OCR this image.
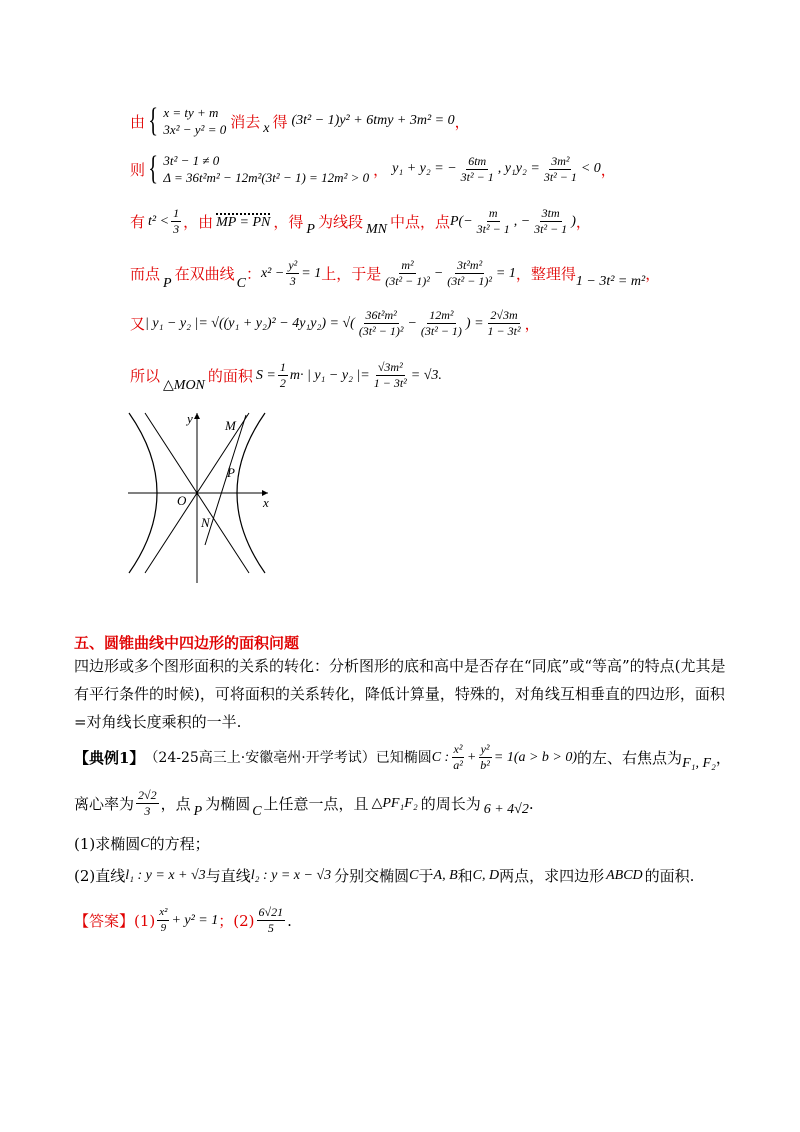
由 { x = ty + m
3x² − y² = 0 消去 x 得 (3t² − 1)y² + 6tmy + 3m² = 0 ，
则 { 3t² − 1 ≠ 0
Δ = 36t²m² − 12m²(3t² − 1) = 12m² > 0 ， y₁ + y₂ = − $\frac{6tm}{\text{3t² − 1}}$ , $y_1y_2 = \frac{\text{3m²}}{\text{3t² − 1}} < 0$ ，
有 $t^2 < \frac{1}{3}$ ，由 MP = PN ，得 P 为线段 MN 中点，点 $P(- \frac{m}{\text{3t² − 1}}$ , − $\frac{3tm}{\text{3t² − 1}}$ ) ，
而点 P 在双曲线 C ： $x^2 - \frac{\text{y²}}{3} = 1$ 上，于是 $\frac{\text{m²}}{\text{(3t² − 1)²}} - \frac{\text{3t²m²}}{\text{(3t² − 1)²}} = 1$ ，整理得 1 − 3t² = m² ，
又 | y₁ − y₂ |= √((y₁ + y₂)² − 4y₁y₂) = √( $\frac{\text{36t²m²}}{\text{(3t² − 1)²}} - \frac{\text{12m²}}{\text{(3t² − 1)}}$ ) = $\frac{2√3m}{\text{1 − 3t²}}$ ，
所以
△MON
的面积 $S = \frac{1}{2} m\cdot$ | y₁ − y₂ |= $\frac{\text{√3m²}}{\text{1 − 3t²}} = √3$ .
y
x
O
M
P
N
五、圆锥曲线中四边形的面积问题
四边形或多个图形面积的关系的转化：分析图形的底和高中是否存在“同底”或“等高”的特点(尤其是有平行条件的时候)，可将面积的关系转化，降低计算量，特殊的，对角线互相垂直的四边形，面积=对角线长度乘积的一半.
【典例1】 （24-25高三上·安徽亳州·开学考试）已知椭圆 C : $\frac{\text{x²}}{\text{a²}} + \frac{\text{y²}}{\text{b²}} = 1(a > b > 0)$ 的左、右焦点为 F₁, F₂ ，
离心率为 $\frac{2√2}{3}$ ，点 P 为椭圆 C 上任意一点，且 △PF₁F₂ 的周长为 6 + 4√2 .
(1)求椭圆 C 的方程；
(2)直线 l₁ : y = x + √3 与直线 l₂ : y = x − √3 分别交椭圆 C 于 A, B 和 C, D 两点，求四边形 ABCD 的面积.
【答案】 $(1) \frac{\text{x²}}{9} + y^2 = 1$ ； $(2) \frac{6√21}{5}$ .
